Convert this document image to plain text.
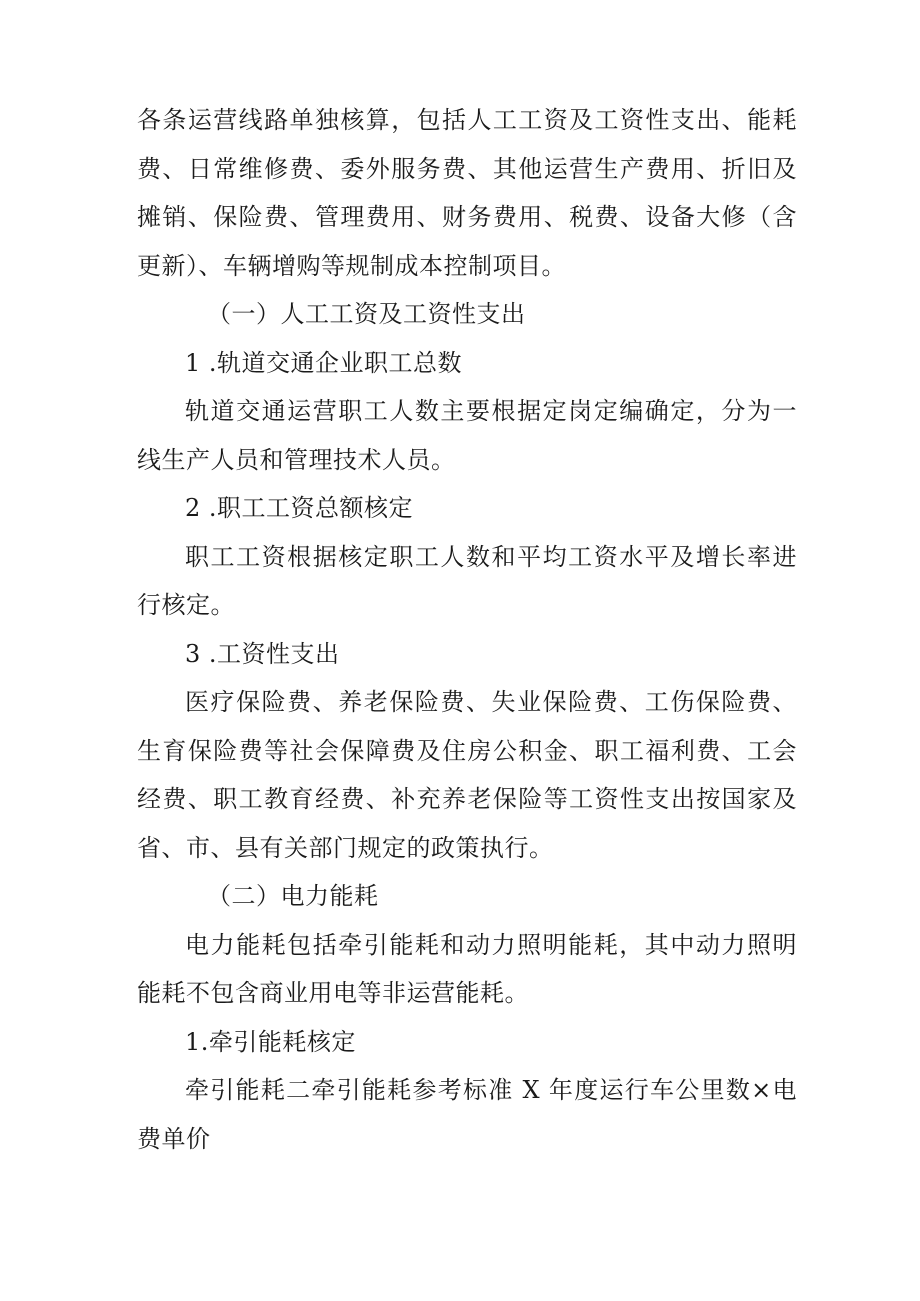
各条运营线路单独核算，包括人工工资及工资性支出、能耗费、日常维修费、委外服务费、其他运营生产费用、折旧及摊销、保险费、管理费用、财务费用、税费、设备大修（含更新）、车辆增购等规制成本控制项目。

（一）人工工资及工资性支出

1 .轨道交通企业职工总数

轨道交通运营职工人数主要根据定岗定编确定，分为一线生产人员和管理技术人员。

2 .职工工资总额核定

职工工资根据核定职工人数和平均工资水平及增长率进行核定。

3 .工资性支出

医疗保险费、养老保险费、失业保险费、工伤保险费、生育保险费等社会保障费及住房公积金、职工福利费、工会经费、职工教育经费、补充养老保险等工资性支出按国家及省、市、县有关部门规定的政策执行。

（二）电力能耗

电力能耗包括牵引能耗和动力照明能耗，其中动力照明能耗不包含商业用电等非运营能耗。

1.牵引能耗核定

牵引能耗二牵引能耗参考标准 X 年度运行车公里数×电费单价
